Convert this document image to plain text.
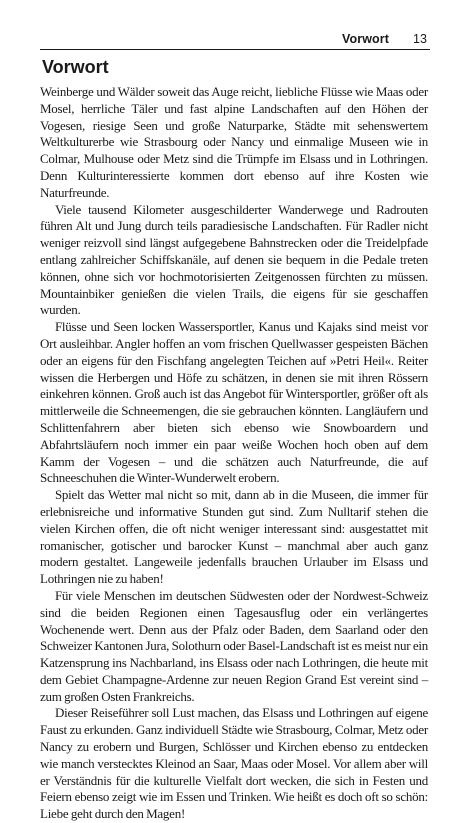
Vorwort 13
Vorwort

Weinberge und Wälder soweit das Auge reicht, liebliche Flüsse wie Maas oder Mosel, herrliche Täler und fast alpine Landschaften auf den Höhen der Vogesen, riesige Seen und große Naturparke, Städte mit sehenswertem Weltkulturerbe wie Strasbourg oder Nancy und einmalige Museen wie in Colmar, Mulhouse oder Metz sind die Trümpfe im Elsass und in Lothringen. Denn Kulturinteressierte kommen dort ebenso auf ihre Kosten wie Naturfreunde.

Viele tausend Kilometer ausgeschilderter Wanderwege und Radrouten führen Alt und Jung durch teils paradiesische Landschaften. Für Radler nicht weniger reizvoll sind längst aufgegebene Bahnstrecken oder die Treidelpfade entlang zahlreicher Schiffskanäle, auf denen sie bequem in die Pedale treten können, ohne sich vor hochmotorisierten Zeitgenossen fürchten zu müssen. Mountainbiker genießen die vielen Trails, die eigens für sie geschaffen wurden.

Flüsse und Seen locken Wassersportler, Kanus und Kajaks sind meist vor Ort ausleihbar. Angler hoffen an vom frischen Quellwasser gespeisten Bächen oder an eigens für den Fischfang angelegten Teichen auf »Petri Heil«. Reiter wissen die Herbergen und Höfe zu schätzen, in denen sie mit ihren Rössern einkehren können. Groß auch ist das Angebot für Wintersportler, größer oft als mittlerweile die Schneemengen, die sie gebrauchen könnten. Langläufern und Schlittenfahrern aber bieten sich ebenso wie Snowboardern und Abfahrtsläufern noch immer ein paar weiße Wochen hoch oben auf dem Kamm der Vogesen – und die schätzen auch Naturfreunde, die auf Schneeschuhen die Winter-Wunderwelt erobern.

Spielt das Wetter mal nicht so mit, dann ab in die Museen, die immer für erlebnisreiche und informative Stunden gut sind. Zum Nulltarif stehen die vielen Kirchen offen, die oft nicht weniger interessant sind: ausgestattet mit romanischer, gotischer und barocker Kunst – manchmal aber auch ganz modern gestaltet. Langeweile jedenfalls brauchen Urlauber im Elsass und Lothringen nie zu haben!

Für viele Menschen im deutschen Südwesten oder der Nordwest-Schweiz sind die beiden Regionen einen Tagesausflug oder ein verlängertes Wochenende wert. Denn aus der Pfalz oder Baden, dem Saarland oder den Schweizer Kantonen Jura, Solothurn oder Basel-Landschaft ist es meist nur ein Katzensprung ins Nachbarland, ins Elsass oder nach Lothringen, die heute mit dem Gebiet Champagne-Ardenne zur neuen Region Grand Est vereint sind – zum großen Osten Frankreichs.

Dieser Reiseführer soll Lust machen, das Elsass und Lothringen auf eigene Faust zu erkunden. Ganz individuell Städte wie Strasbourg, Colmar, Metz oder Nancy zu erobern und Burgen, Schlösser und Kirchen ebenso zu entdecken wie manch verstecktes Kleinod an Saar, Maas oder Mosel. Vor allem aber will er Verständnis für die kulturelle Vielfalt dort wecken, die sich in Festen und Feiern ebenso zeigt wie im Essen und Trinken. Wie heißt es doch oft so schön: Liebe geht durch den Magen!
